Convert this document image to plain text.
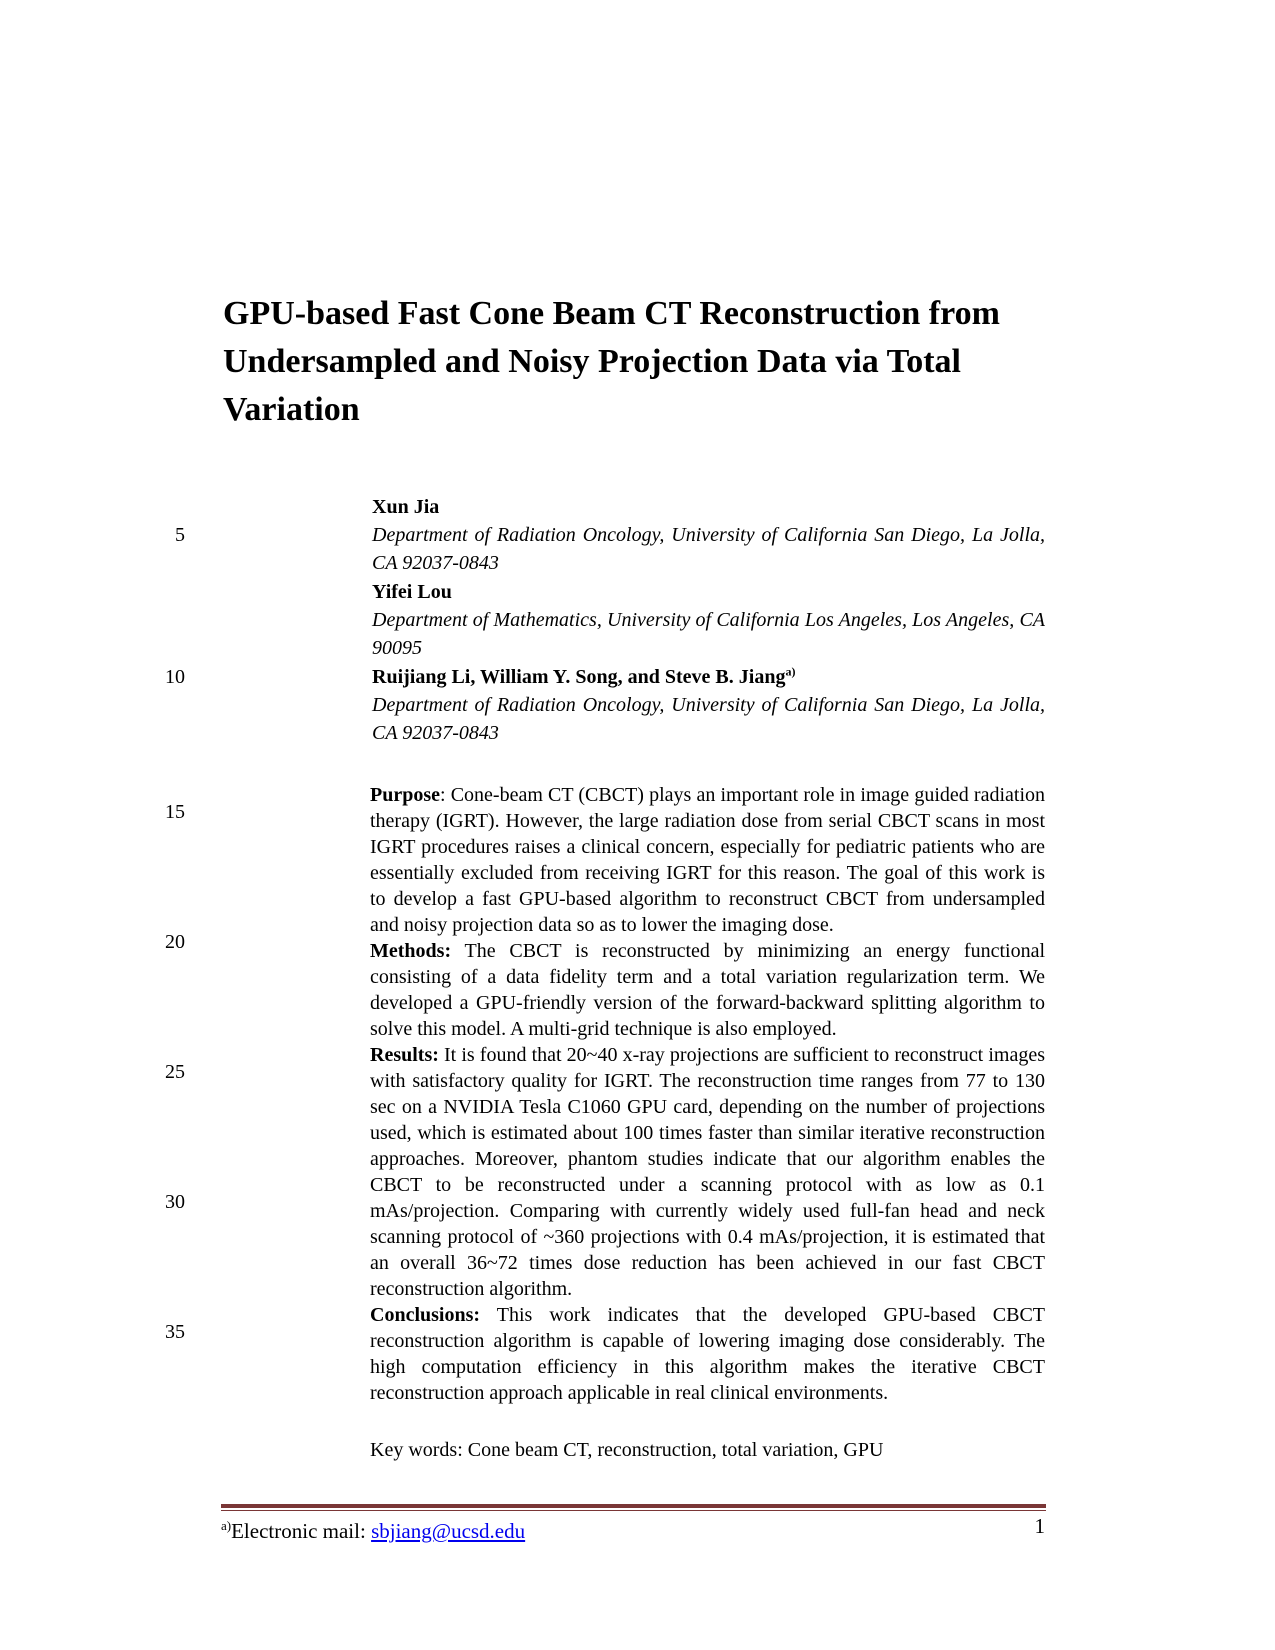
GPU-based Fast Cone Beam CT Reconstruction from Undersampled and Noisy Projection Data via Total Variation
5
10
15
20
25
30
35
Xun Jia
Department of Radiation Oncology, University of California San Diego, La Jolla, CA 92037-0843
Yifei Lou
Department of Mathematics, University of California Los Angeles, Los Angeles, CA 90095
Ruijiang Li, William Y. Song, and Steve B. Jiang$^{a)}$
Department of Radiation Oncology, University of California San Diego, La Jolla, CA 92037-0843

Purpose: Cone-beam CT (CBCT) plays an important role in image guided radiation therapy (IGRT). However, the large radiation dose from serial CBCT scans in most IGRT procedures raises a clinical concern, especially for pediatric patients who are essentially excluded from receiving IGRT for this reason. The goal of this work is to develop a fast GPU-based algorithm to reconstruct CBCT from undersampled and noisy projection data so as to lower the imaging dose.

Methods: The CBCT is reconstructed by minimizing an energy functional consisting of a data fidelity term and a total variation regularization term. We developed a GPU-friendly version of the forward-backward splitting algorithm to solve this model. A multi-grid technique is also employed.

Results: It is found that 20~40 x-ray projections are sufficient to reconstruct images with satisfactory quality for IGRT. The reconstruction time ranges from 77 to 130 sec on a NVIDIA Tesla C1060 GPU card, depending on the number of projections used, which is estimated about 100 times faster than similar iterative reconstruction approaches. Moreover, phantom studies indicate that our algorithm enables the CBCT to be reconstructed under a scanning protocol with as low as 0.1 mAs/projection. Comparing with currently widely used full-fan head and neck scanning protocol of ~360 projections with 0.4 mAs/projection, it is estimated that an overall 36~72 times dose reduction has been achieved in our fast CBCT reconstruction algorithm.

Conclusions: This work indicates that the developed GPU-based CBCT reconstruction algorithm is capable of lowering imaging dose considerably. The high computation efficiency in this algorithm makes the iterative CBCT reconstruction approach applicable in real clinical environments.

Key words: Cone beam CT, reconstruction, total variation, GPU
$^{a)}$Electronic mail: sbjiang@ucsd.edu	1
